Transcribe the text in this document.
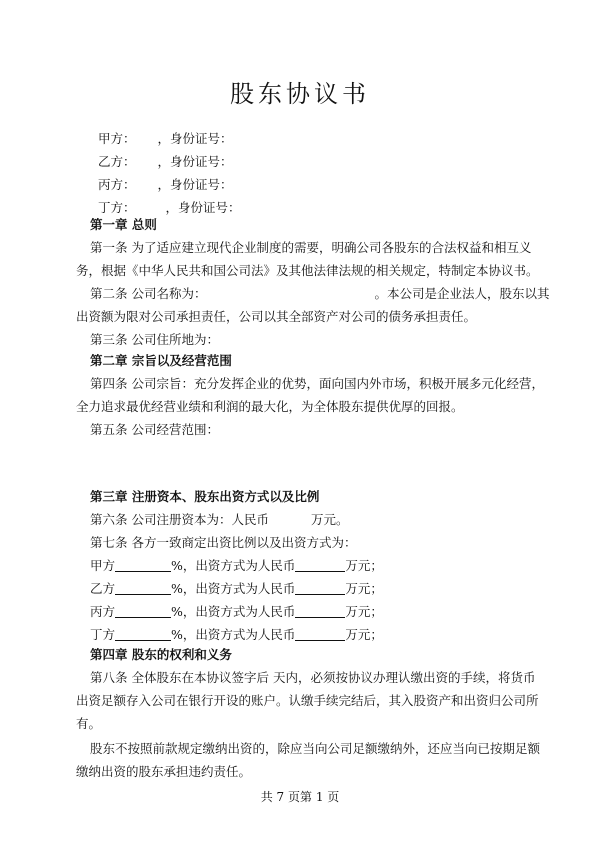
股东协议书
甲方： ，身份证号：
乙方： ，身份证号：
丙方： ，身份证号：
丁方： ，身份证号：
第一章 总则
第一条 为了适应建立现代企业制度的需要，明确公司各股东的合法权益和相互义
务，根据《中华人民共和国公司法》及其他法律法规的相关规定，特制定本协议书。
第二条 公司名称为：	。本公司是企业法人，股东以其
出资额为限对公司承担责任，公司以其全部资产对公司的债务承担责任。
第三条 公司住所地为：
第二章 宗旨以及经营范围
第四条 公司宗旨：充分发挥企业的优势，面向国内外市场，积极开展多元化经营，
全力追求最优经营业绩和利润的最大化，为全体股东提供优厚的回报。
第五条 公司经营范围：
第三章 注册资本、股东出资方式以及比例
第六条 公司注册资本为：人民币	万元。
第七条 各方一致商定出资比例以及出资方式为：
甲方	%，出资方式为人民币	万元；
乙方	%，出资方式为人民币	万元；
丙方	%，出资方式为人民币	万元；
丁方	%，出资方式为人民币	万元；
第四章 股东的权利和义务
第八条 全体股东在本协议签字后 天内，必须按协议办理认缴出资的手续，将货币
出资足额存入公司在银行开设的账户。认缴手续完结后，其入股资产和出资归公司所
有。
股东不按照前款规定缴纳出资的，除应当向公司足额缴纳外，还应当向已按期足额
缴纳出资的股东承担违约责任。
共 7 页第 1 页
